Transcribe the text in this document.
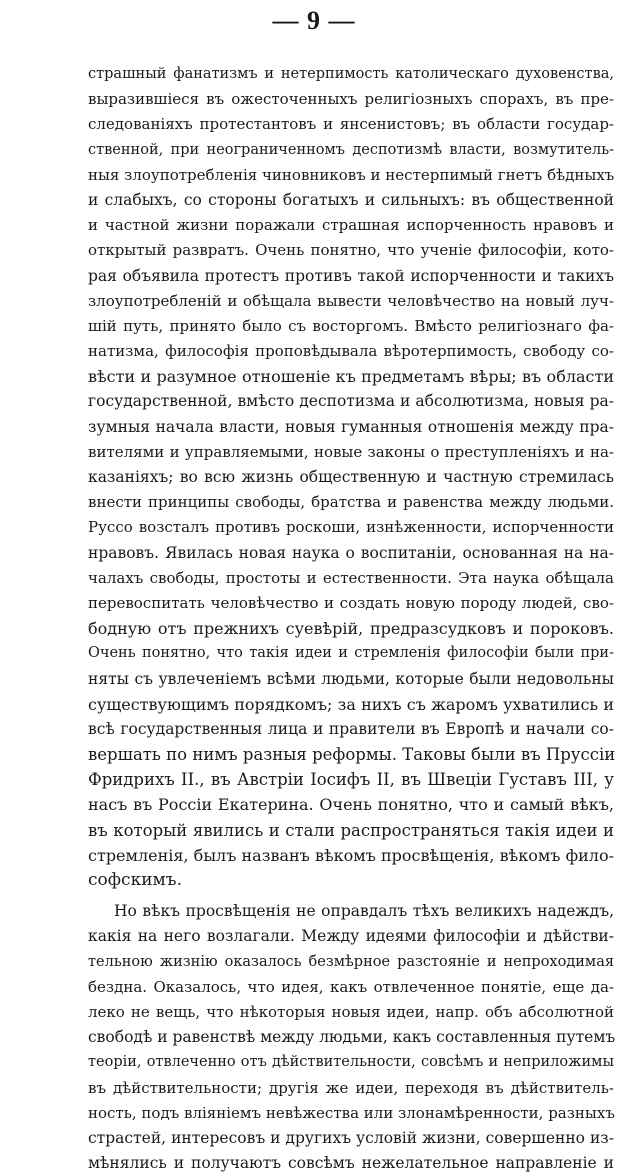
— 9 —
страшный фанатизмъ и нетерпимость католическаго духовенства,
выразившiеся въ ожесточенныхъ религiозныхъ спорахъ, въ пре-
следованiяхъ протестантовъ и янсенистовъ; въ области государ-
ственной, при неограниченномъ деспотизмѣ власти, возмутитель-
ныя злоупотребленiя чиновниковъ и нестерпимый гнетъ бѣдныхъ
и слабыхъ, со стороны богатыхъ и сильныхъ: въ общественной
и частной жизни поражали страшная испорченность нравовъ и
открытый развратъ. Очень понятно, что ученiе философiи, кото-
рая объявила протестъ противъ такой испорченности и такихъ
злоупотребленiй и обѣщала вывести человѣчество на новый луч-
шiй путь, принято было съ восторгомъ. Вмѣсто религiознаго фа-
натизма, философiя проповѣдывала вѣротерпимость, свободу со-
вѣсти и разумное отношенiе къ предметамъ вѣры; въ области
государственной, вмѣсто деспотизма и абсолютизма, новыя ра-
зумныя начала власти, новыя гуманныя отношенiя между пра-
вителями и управляемыми, новые законы о преступленiяхъ и на-
казанiяхъ; во всю жизнь общественную и частную стремилась
внести принципы свободы, братства и равенства между людьми.
Руссо возсталъ противъ роскоши, изнѣженности, испорченности
нравовъ. Явилась новая наука о воспитанiи, основанная на на-
чалахъ свободы, простоты и естественности. Эта наука обѣщала
перевоспитать человѣчество и создать новую породу людей, сво-
бодную отъ прежнихъ суевѣрiй, предразсудковъ и пороковъ.
Очень понятно, что такiя идеи и стремленiя философiи были при-
няты съ увлеченiемъ всѣми людьми, которые были недовольны
существующимъ порядкомъ; за нихъ съ жаромъ ухватились и
всѣ государственныя лица и правители въ Европѣ и начали со-
вершать по нимъ разныя реформы. Таковы были въ Пруссiи
Фридрихъ II., въ Австрiи Iосифъ II, въ Швецiи Густавъ III, у
насъ въ Россiи Екатерина. Очень понятно, что и самый вѣкъ,
въ который явились и стали распространяться такiя идеи и
стремленiя, былъ названъ вѣкомъ просвѣщенiя, вѣкомъ фило-
софскимъ.
Но вѣкъ просвѣщенiя не оправдалъ тѣхъ великихъ надеждъ,
какiя на него возлагали. Между идеями философiи и дѣйстви-
тельною жизнiю оказалось безмѣрное разстоянiе и непроходимая
бездна. Оказалось, что идея, какъ отвлеченное понятiе, еще да-
леко не вещь, что нѣкоторыя новыя идеи, напр. объ абсолютной
свободѣ и равенствѣ между людьми, какъ составленныя путемъ
теорiи, отвлеченно отъ дѣйствительности, совсѣмъ и неприложимы
въ дѣйствительности; другiя же идеи, переходя въ дѣйствитель-
ность, подъ влiянiемъ невѣжества или злонамѣренности, разныхъ
страстей, интересовъ и другихъ условiй жизни, совершенно из-
мѣнялись и получаютъ совсѣмъ нежелательное направленiе и
